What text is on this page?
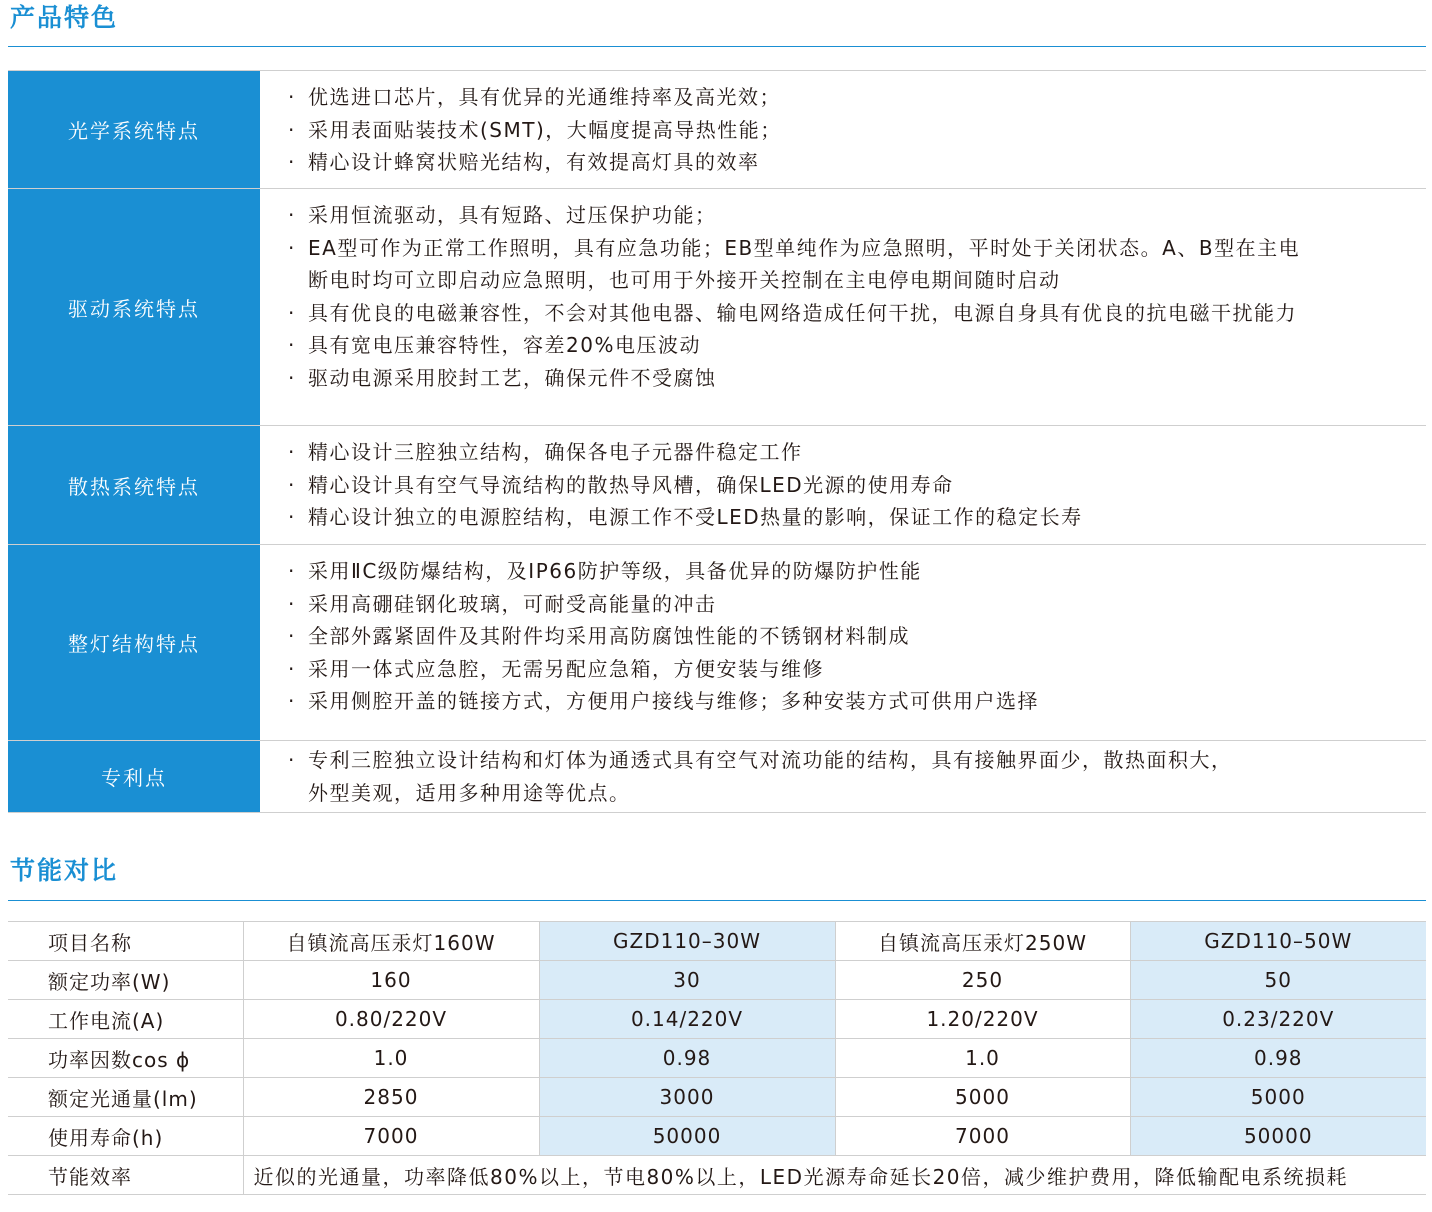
产品特色
光学系统特点
· 优选进口芯片，具有优异的光通维持率及高光效；
· 采用表面贴装技术(SMT)，大幅度提高导热性能；
· 精心设计蜂窝状赔光结构，有效提高灯具的效率
驱动系统特点
· 采用恒流驱动，具有短路、过压保护功能；
· EA型可作为正常工作照明，具有应急功能；EB型单纯作为应急照明，平时处于关闭状态。A、B型在主电
断电时均可立即启动应急照明，也可用于外接开关控制在主电停电期间随时启动
· 具有优良的电磁兼容性，不会对其他电器、输电网络造成任何干扰，电源自身具有优良的抗电磁干扰能力
· 具有宽电压兼容特性，容差20%电压波动
· 驱动电源采用胶封工艺，确保元件不受腐蚀
散热系统特点
· 精心设计三腔独立结构，确保各电子元器件稳定工作
· 精心设计具有空气导流结构的散热导风槽，确保LED光源的使用寿命
· 精心设计独立的电源腔结构，电源工作不受LED热量的影响，保证工作的稳定长寿
整灯结构特点
· 采用ⅡC级防爆结构，及IP66防护等级，具备优异的防爆防护性能
· 采用高硼硅钢化玻璃，可耐受高能量的冲击
· 全部外露紧固件及其附件均采用高防腐蚀性能的不锈钢材料制成
· 采用一体式应急腔，无需另配应急箱，方便安装与维修
· 采用侧腔开盖的链接方式，方便用户接线与维修；多种安装方式可供用户选择
专利点
· 专利三腔独立设计结构和灯体为通透式具有空气对流功能的结构，具有接触界面少，散热面积大，
外型美观，适用多种用途等优点。
节能对比
项目名称	自镇流高压汞灯160W	GZD110–30W	自镇流高压汞灯250W	GZD110–50W
额定功率(W)	160	30	250	50
工作电流(A)	0.80/220V	0.14/220V	1.20/220V	0.23/220V
功率因数cos ϕ	1.0	0.98	1.0	0.98
额定光通量(lm)	2850	3000	5000	5000
使用寿命(h)	7000	50000	7000	50000
节能效率	近似的光通量，功率降低80%以上，节电80%以上，LED光源寿命延长20倍，减少维护费用，降低输配电系统损耗			
